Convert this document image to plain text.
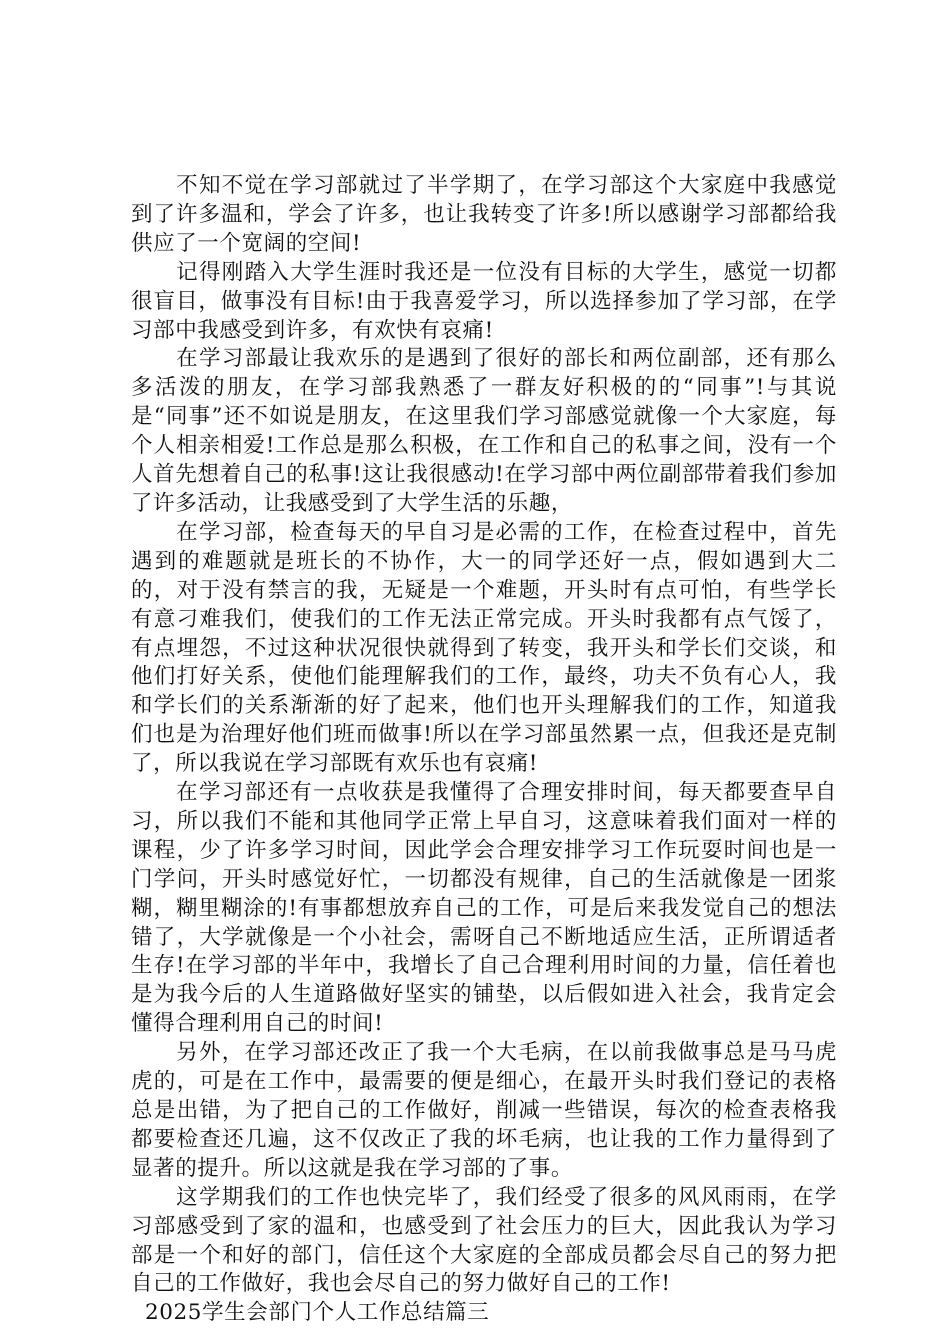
不知不觉在学习部就过了半学期了，在学习部这个大家庭中我感觉到了许多温和，学会了许多，也让我转变了许多!所以感谢学习部都给我供应了一个宽阔的空间!

记得刚踏入大学生涯时我还是一位没有目标的大学生，感觉一切都很盲目，做事没有目标!由于我喜爱学习，所以选择参加了学习部，在学习部中我感受到许多，有欢快有哀痛!

在学习部最让我欢乐的是遇到了很好的部长和两位副部，还有那么多活泼的朋友，在学习部我熟悉了一群友好积极的的“同事”!与其说是“同事”还不如说是朋友，在这里我们学习部感觉就像一个大家庭，每个人相亲相爱!工作总是那么积极，在工作和自己的私事之间，没有一个人首先想着自己的私事!这让我很感动!在学习部中两位副部带着我们参加了许多活动，让我感受到了大学生活的乐趣，

在学习部，检查每天的早自习是必需的工作，在检查过程中，首先遇到的难题就是班长的不协作，大一的同学还好一点，假如遇到大二的，对于没有禁言的我，无疑是一个难题，开头时有点可怕，有些学长有意刁难我们，使我们的工作无法正常完成。开头时我都有点气馁了，有点埋怨，不过这种状况很快就得到了转变，我开头和学长们交谈，和他们打好关系，使他们能理解我们的工作，最终，功夫不负有心人，我和学长们的关系渐渐的好了起来，他们也开头理解我们的工作，知道我们也是为治理好他们班而做事!所以在学习部虽然累一点，但我还是克制了，所以我说在学习部既有欢乐也有哀痛!

在学习部还有一点收获是我懂得了合理安排时间，每天都要查早自习，所以我们不能和其他同学正常上早自习，这意味着我们面对一样的课程，少了许多学习时间，因此学会合理安排学习工作玩耍时间也是一门学问，开头时感觉好忙，一切都没有规律，自己的生活就像是一团浆糊，糊里糊涂的!有事都想放弃自己的工作，可是后来我发觉自己的想法错了，大学就像是一个小社会，需呀自己不断地适应生活，正所谓适者生存!在学习部的半年中，我增长了自己合理利用时间的力量，信任着也是为我今后的人生道路做好坚实的铺垫，以后假如进入社会，我肯定会懂得合理利用自己的时间!

另外，在学习部还改正了我一个大毛病，在以前我做事总是马马虎虎的，可是在工作中，最需要的便是细心，在最开头时我们登记的表格总是出错，为了把自己的工作做好，削减一些错误，每次的检查表格我都要检查还几遍，这不仅改正了我的坏毛病，也让我的工作力量得到了显著的提升。所以这就是我在学习部的了事。

这学期我们的工作也快完毕了，我们经受了很多的风风雨雨，在学习部感受到了家的温和，也感受到了社会压力的巨大，因此我认为学习部是一个和好的部门，信任这个大家庭的全部成员都会尽自己的努力把自己的工作做好，我也会尽自己的努力做好自己的工作!

2025学生会部门个人工作总结篇三
